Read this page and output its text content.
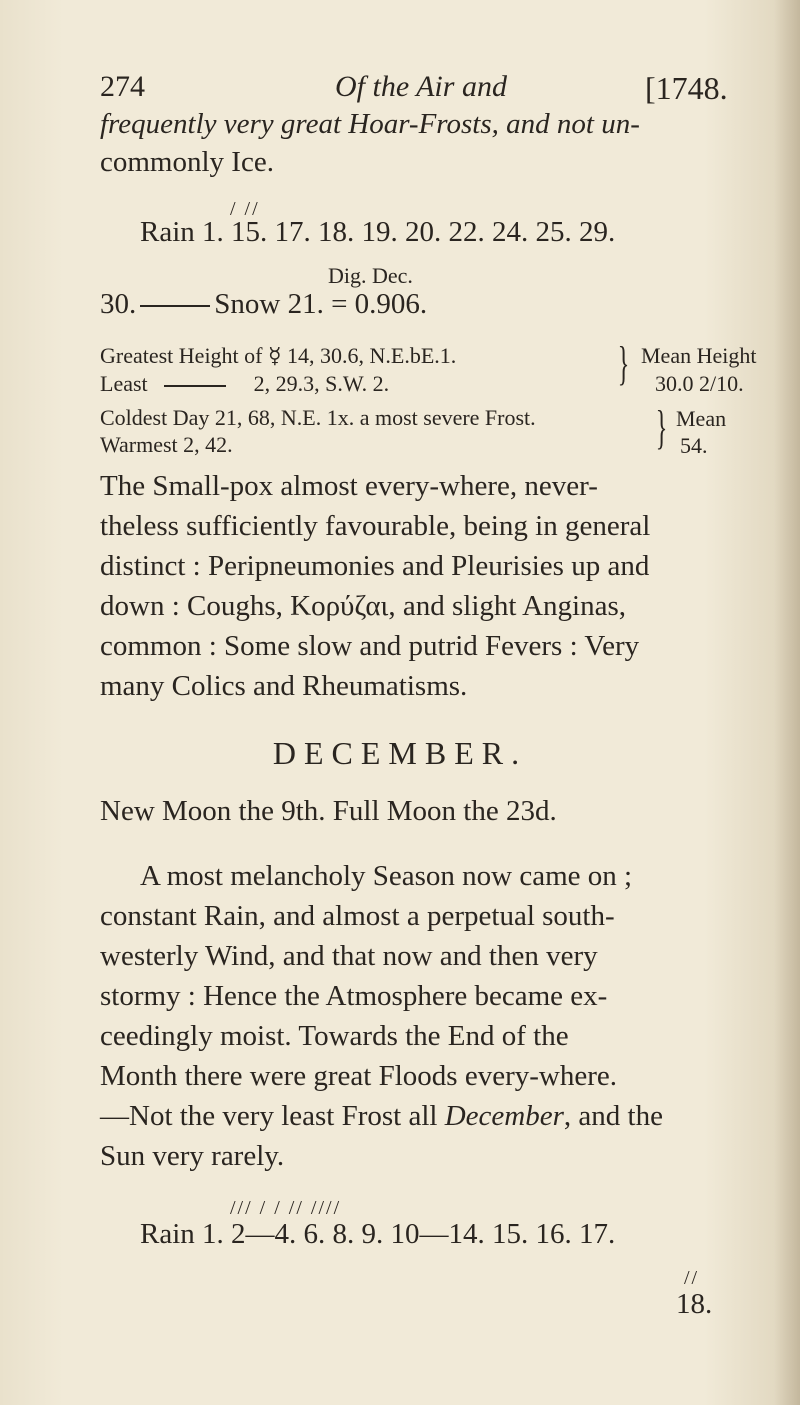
274	Of the Air and	[1748.
frequently very great Hoar-Frosts, and not un-
commonly Ice.
/ //
Rain 1. 15. 17. 18. 19. 20. 22. 24. 25. 29.
Dig. Dec.
30.	Snow 21. = 0.906.
Greatest Height of ☿ 14, 30.6, N.E.bE.1.
Least	2, 29.3, S.W. 2.	} Mean Height
30.0 2/10.
Coldest Day 21, 68, N.E. 1x. a most severe Frost.
Warmest 2, 42.	} Mean
54.
The Small-pox almost every-where, never-
theless sufficiently favourable, being in general
distinct : Peripneumonies and Pleurisies up and
down : Coughs, Κορύζαι, and slight Anginas,
common : Some slow and putrid Fevers : Very
many Colics and Rheumatisms.
DECEMBER.
New Moon the 9th. Full Moon the 23d.
A most melancholy Season now came on ;
constant Rain, and almost a perpetual south-
westerly Wind, and that now and then very
stormy : Hence the Atmosphere became ex-
ceedingly moist. Towards the End of the
Month there were great Floods every-where.
—Not the very least Frost all December, and the
Sun very rarely.
/// / / // ////
Rain 1. 2—4. 6. 8. 9. 10—14. 15. 16. 17.
//
18.
